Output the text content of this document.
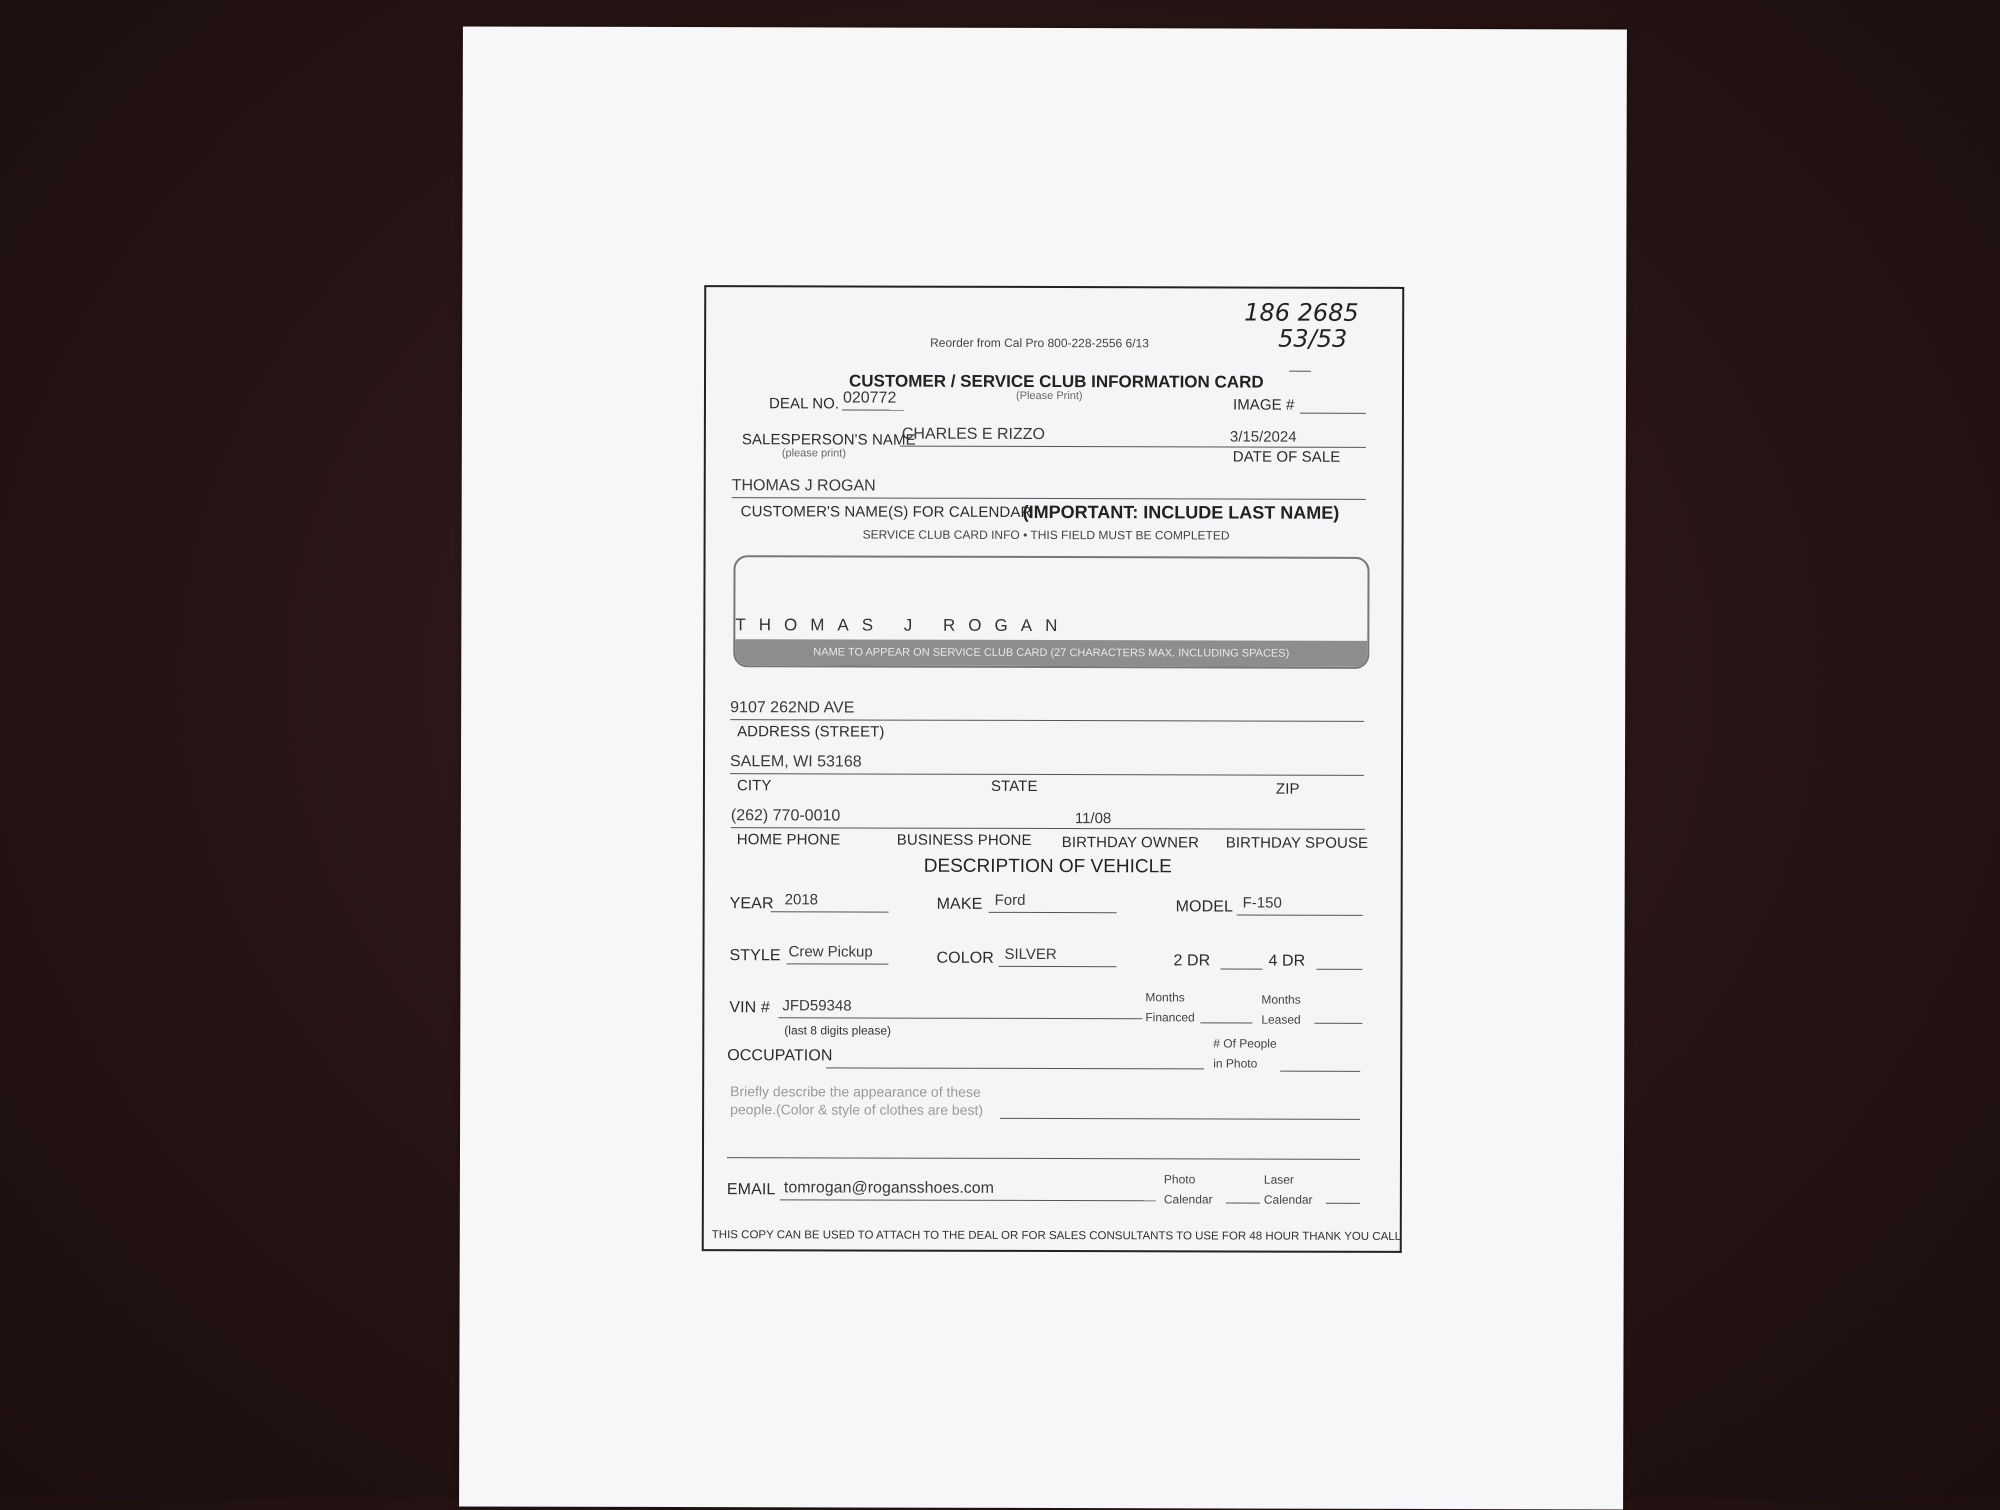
186 2685
53/53
Reorder from Cal Pro 800-228-2556 6/13
CUSTOMER / SERVICE CLUB INFORMATION CARD
DEAL NO. 020772	(Please Print)
IMAGE #
SALESPERSON'S NAME
(please print)
CHARLES E RIZZO	3/15/2024
DATE OF SALE
THOMAS J ROGAN
CUSTOMER'S NAME(S) FOR CALENDAR
(IMPORTANT: INCLUDE LAST NAME)
SERVICE CLUB CARD INFO • THIS FIELD MUST BE COMPLETED
THOMAS J ROGAN
NAME TO APPEAR ON SERVICE CLUB CARD (27 CHARACTERS MAX. INCLUDING SPACES)
9107 262ND AVE
ADDRESS (STREET)
SALEM, WI 53168
CITY	STATE	ZIP
(262) 770-0010	11/08
HOME PHONE	BUSINESS PHONE BIRTHDAY OWNER BIRTHDAY SPOUSE
DESCRIPTION OF VEHICLE
YEAR 2018	MAKE Ford	MODEL F-150
STYLE Crew Pickup	COLOR SILVER	2 DR	4 DR
VIN # JFD59348
(last 8 digits please)
Months
Financed
Months
Leased
OCCUPATION
# Of People
in Photo
Briefly describe the appearance of these
people.(Color & style of clothes are best)
EMAIL tomrogan@rogansshoes.com	Photo
Calendar
Laser
Calendar
THIS COPY CAN BE USED TO ATTACH TO THE DEAL OR FOR SALES CONSULTANTS TO USE FOR 48 HOUR THANK YOU CALL
